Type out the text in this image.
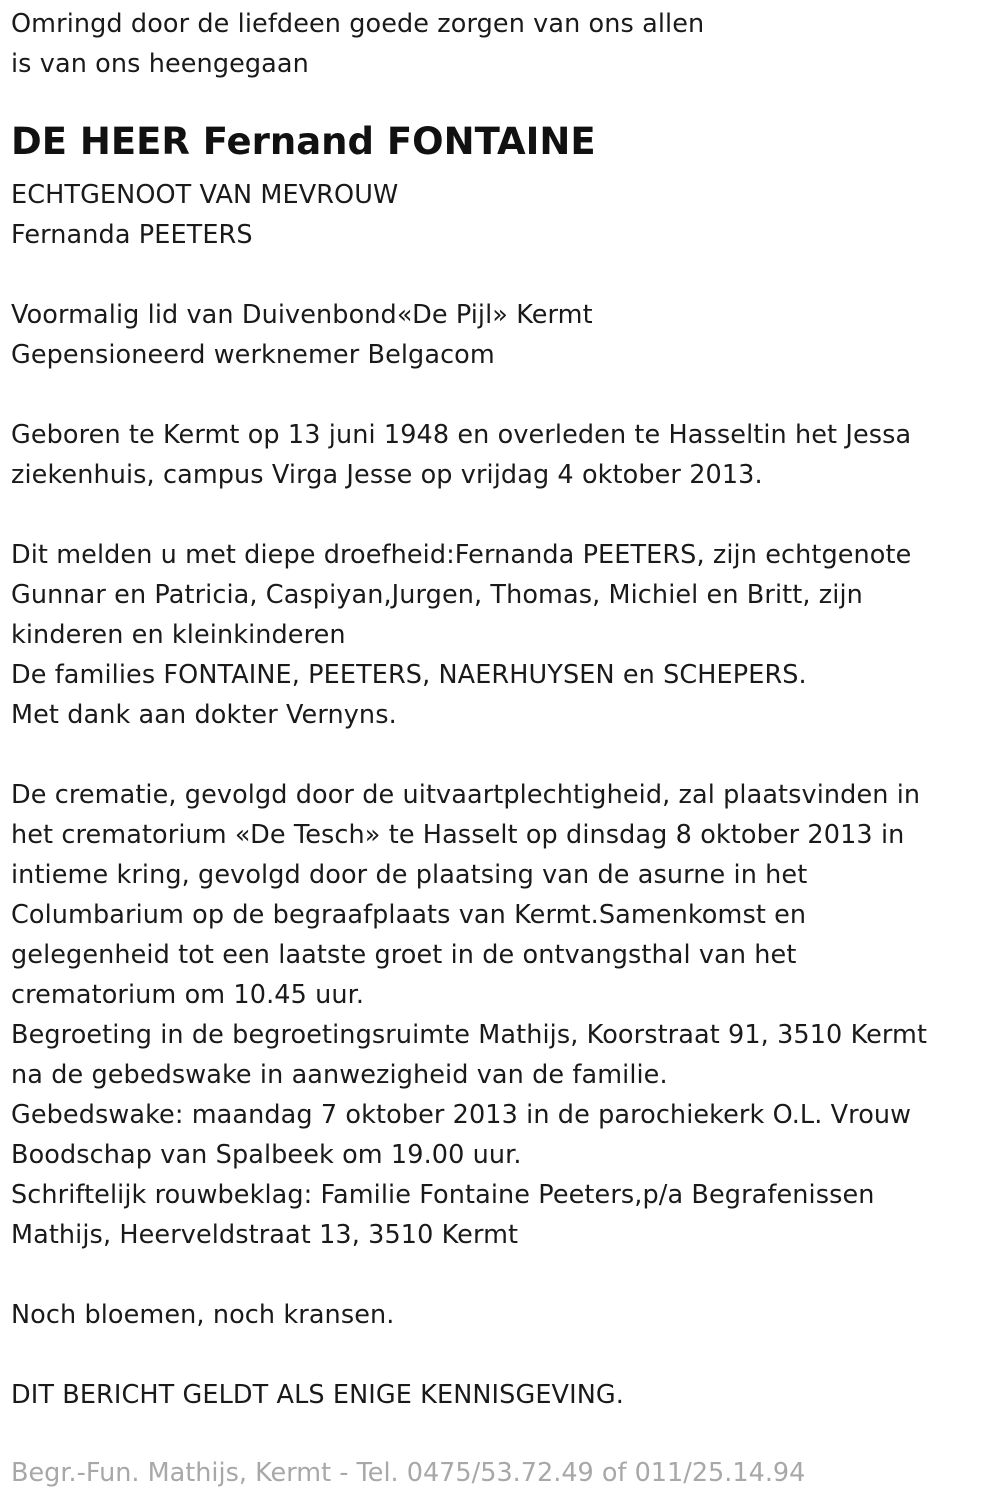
Omringd door de liefdeen goede zorgen van ons allen
is van ons heengegaan
DE HEER Fernand FONTAINE
ECHTGENOOT VAN MEVROUW
Fernanda PEETERS
Voormalig lid van Duivenbond«De Pijl» Kermt
Gepensioneerd werknemer Belgacom
Geboren te Kermt op 13 juni 1948 en overleden te Hasseltin het Jessa
ziekenhuis, campus Virga Jesse op vrijdag 4 oktober 2013.
Dit melden u met diepe droefheid:Fernanda PEETERS, zijn echtgenote
Gunnar en Patricia, Caspiyan,Jurgen, Thomas, Michiel en Britt, zijn
kinderen en kleinkinderen
De families FONTAINE, PEETERS, NAERHUYSEN en SCHEPERS.
Met dank aan dokter Vernyns.
De crematie, gevolgd door de uitvaartplechtigheid, zal plaatsvinden in
het crematorium «De Tesch» te Hasselt op dinsdag 8 oktober 2013 in
intieme kring, gevolgd door de plaatsing van de asurne in het
Columbarium op de begraafplaats van Kermt.Samenkomst en
gelegenheid tot een laatste groet in de ontvangsthal van het
crematorium om 10.45 uur.
Begroeting in de begroetingsruimte Mathijs, Koorstraat 91, 3510 Kermt
na de gebedswake in aanwezigheid van de familie.
Gebedswake: maandag 7 oktober 2013 in de parochiekerk O.L. Vrouw
Boodschap van Spalbeek om 19.00 uur.
Schriftelijk rouwbeklag: Familie Fontaine Peeters,p/a Begrafenissen
Mathijs, Heerveldstraat 13, 3510 Kermt
Noch bloemen, noch kransen.
DIT BERICHT GELDT ALS ENIGE KENNISGEVING.
Begr.-Fun. Mathijs, Kermt - Tel. 0475/53.72.49 of 011/25.14.94
